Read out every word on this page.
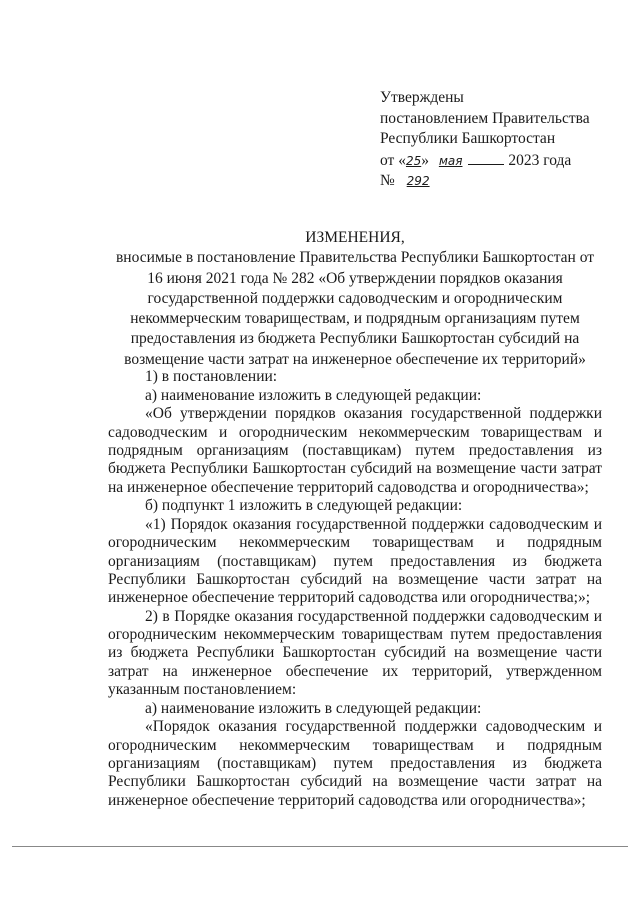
Утверждены
постановлением Правительства
Республики Башкортостан
от «25» мая	2023 года
№ 292
ИЗМЕНЕНИЯ,
вносимые в постановление Правительства Республики Башкортостан от 16 июня 2021 года № 282 «Об утверждении порядков оказания государственной поддержки садоводческим и огородническим некоммерческим товариществам, и подрядным организациям путем предоставления из бюджета Республики Башкортостан субсидий на возмещение части затрат на инженерное обеспечение их территорий»

1) в постановлении:

а) наименование изложить в следующей редакции:

«Об утверждении порядков оказания государственной поддержки садоводческим и огородническим некоммерческим товариществам и подрядным организациям (поставщикам) путем предоставления из бюджета Республики Башкортостан субсидий на возмещение части затрат на инженерное обеспечение территорий садоводства и огородничества»;

б) подпункт 1 изложить в следующей редакции:

«1) Порядок оказания государственной поддержки садоводческим и огородническим некоммерческим товариществам и подрядным организациям (поставщикам) путем предоставления из бюджета Республики Башкортостан субсидий на возмещение части затрат на инженерное обеспечение территорий садоводства или огородничества;»;

2) в Порядке оказания государственной поддержки садоводческим и огородническим некоммерческим товариществам путем предоставления из бюджета Республики Башкортостан субсидий на возмещение части затрат на инженерное обеспечение их территорий, утвержденном указанным постановлением:

а) наименование изложить в следующей редакции:

«Порядок оказания государственной поддержки садоводческим и огородническим некоммерческим товариществам и подрядным организациям (поставщикам) путем предоставления из бюджета Республики Башкортостан субсидий на возмещение части затрат на инженерное обеспечение территорий садоводства или огородничества»;
